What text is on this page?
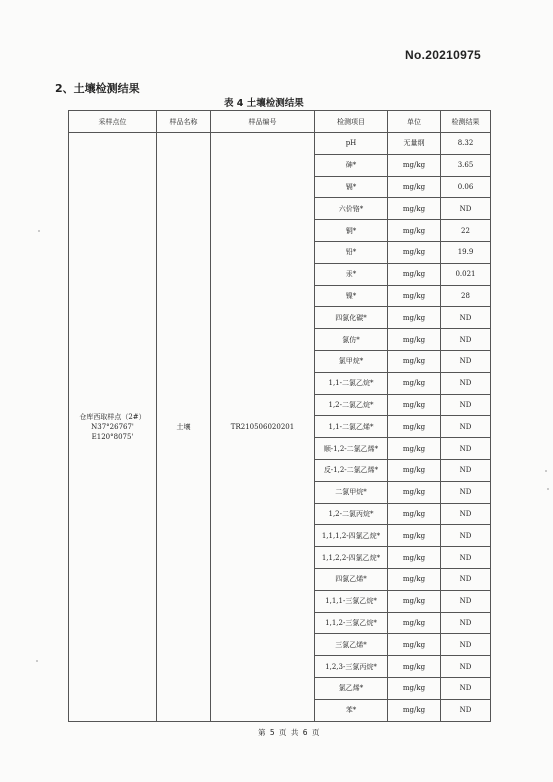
No.20210975
2、土壤检测结果
表 4 土壤检测结果
采样点位	样品名称	样品编号	检测项目	单位	检测结果

仓库西取样点（2#）
N37°26767'
E120°8075'	土壤	TR210506020201	pH	无量纲	8.32
			砷*	mg/kg	3.65
			镉*	mg/kg	0.06
			六价铬*	mg/kg	ND
			铜*	mg/kg	22
			铅*	mg/kg	19.9
			汞*	mg/kg	0.021
			镍*	mg/kg	28
			四氯化碳*	mg/kg	ND
			氯仿*	mg/kg	ND
			氯甲烷*	mg/kg	ND
			1,1-二氯乙烷*	mg/kg	ND
			1,2-二氯乙烷*	mg/kg	ND
			1,1-二氯乙烯*	mg/kg	ND
			顺-1,2-二氯乙烯*	mg/kg	ND
			反-1,2-二氯乙烯*	mg/kg	ND
			二氯甲烷*	mg/kg	ND
			1,2-二氯丙烷*	mg/kg	ND
			1,1,1,2-四氯乙烷*	mg/kg	ND
			1,1,2,2-四氯乙烷*	mg/kg	ND
			四氯乙烯*	mg/kg	ND
			1,1,1-三氯乙烷*	mg/kg	ND
			1,1,2-三氯乙烷*	mg/kg	ND
			三氯乙烯*	mg/kg	ND
			1,2,3-三氯丙烷*	mg/kg	ND
			氯乙烯*	mg/kg	ND
			苯*	mg/kg	ND
第 5 页 共 6 页
